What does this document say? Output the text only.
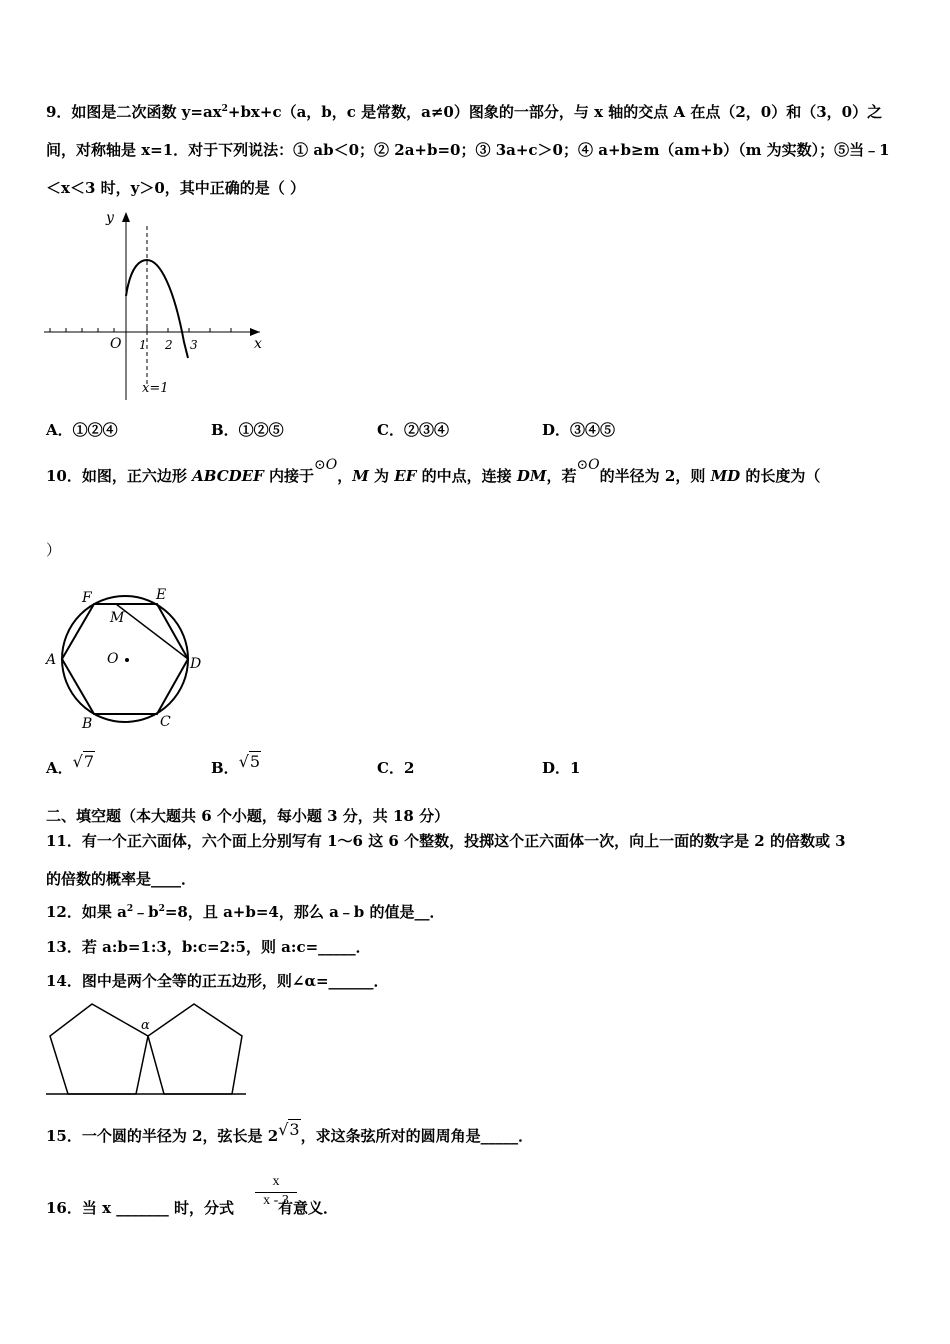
9．如图是二次函数 $y=ax^2+bx+c(a$，b，c 是常数，a≠0）图象的一部分，与 x 轴的交点 A 在点（2，0）和（3，0）之
间，对称轴是 x=1．对于下列说法：① ab＜0；② 2a+b=0；③ 3a+c＞0；④ a+b≥m（am+b）（m 为实数）；⑤当﹣1
＜x＜3 时，y＞0，其中正确的是（ ）
y
x
O 1 2 3
x=1
A．①②④	B．①②⑤	C．②③④	D．③④⑤
10．如图，正六边形 ABCDEF 内接于⊙O，M 为 EF 的中点，连接 DM，若⊙O的半径为 2，则 MD 的长度为（
）
A
B	C
D
E
F
M
O
A．√7	B．√5	C．2	D．1
二、填空题（本大题共 6 个小题，每小题 3 分，共 18 分）
11．有一个正六面体，六个面上分别写有 1～6 这 6 个整数，投掷这个正六面体一次，向上一面的数字是 2 的倍数或 3
的倍数的概率是____．
12．如果 $a^2﹣b^2=8$，且 a+b=4，那么 a﹣b 的值是__．
13．若 a:b=1:3，b:c=2:5，则 a:c=_____．
14．图中是两个全等的正五边形，则∠α=______．
α
15．一个圆的半径为 2，弦长是 2√3，求这条弦所对的圆周角是_____．
16．当 x _______ 时，分式	有意义．
$\frac{x}{x - 3}$
